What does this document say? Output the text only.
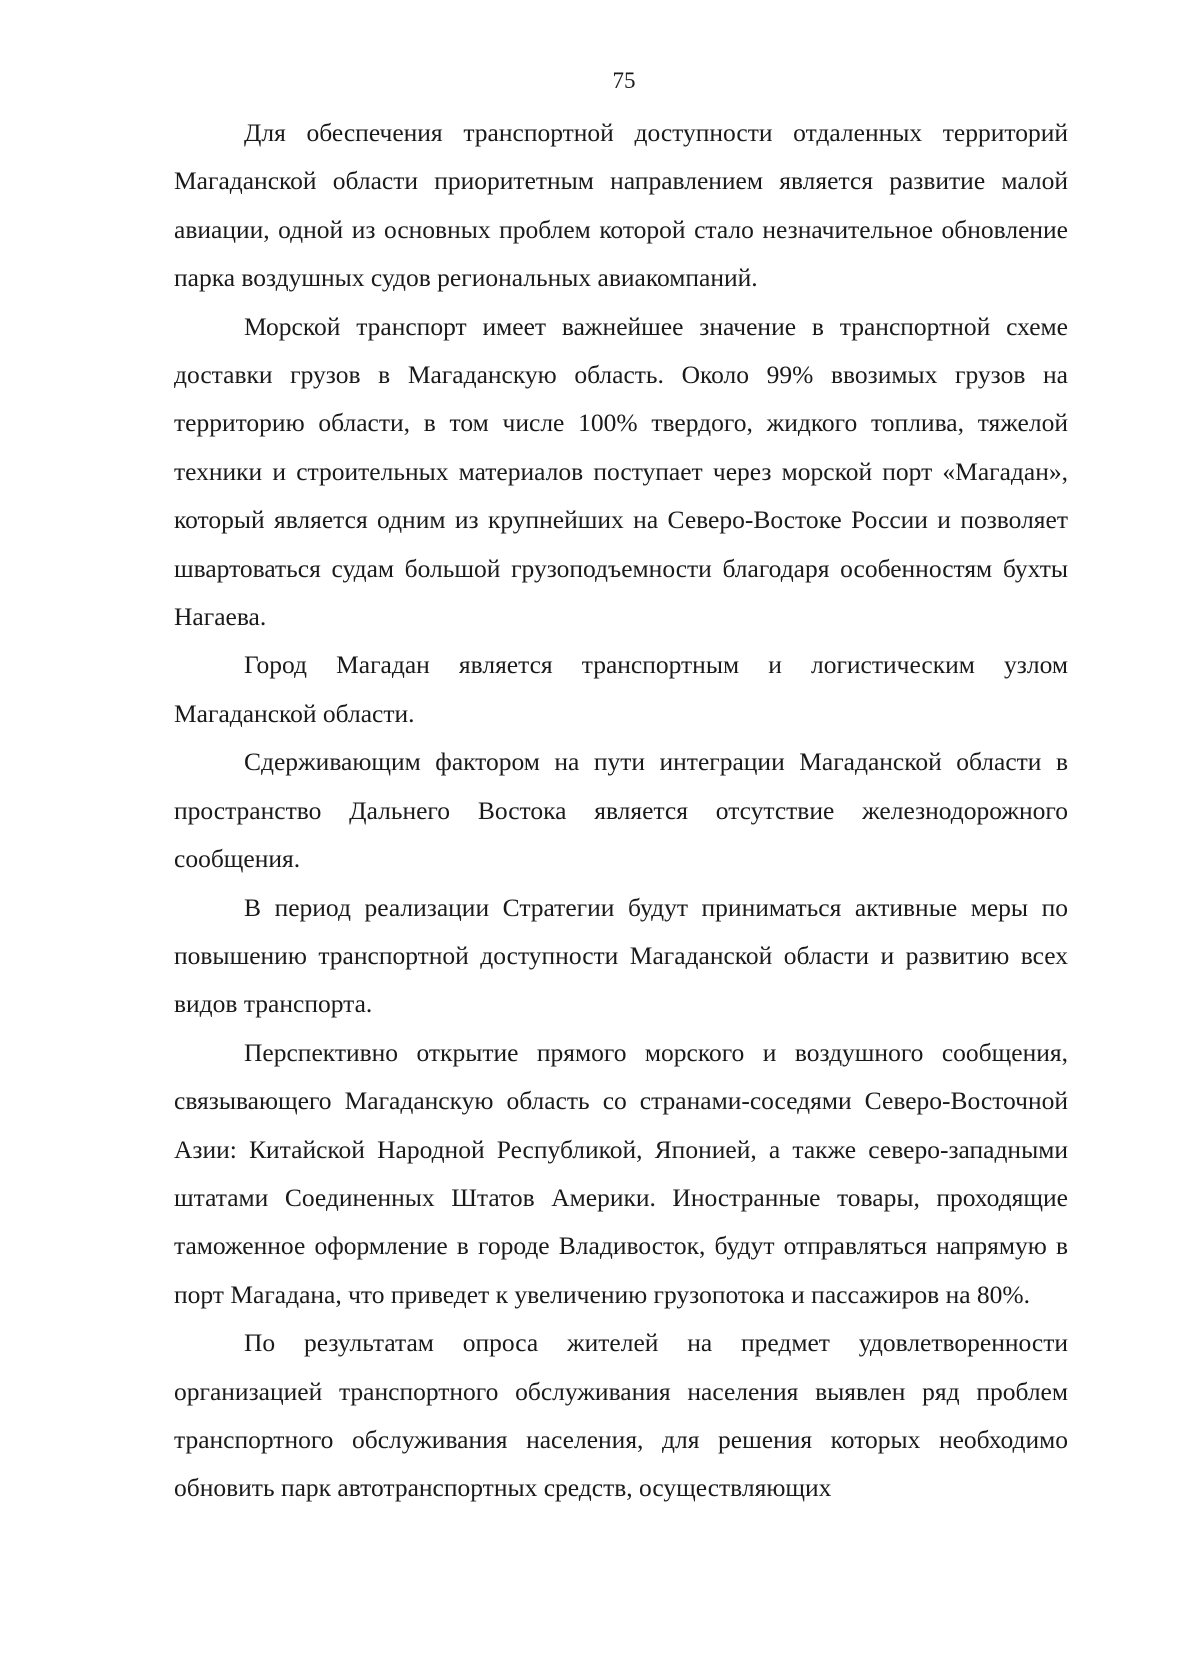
75

Для обеспечения транспортной доступности отдаленных территорий Магаданской области приоритетным направлением является развитие малой авиации, одной из основных проблем которой стало незначительное обновление парка воздушных судов региональных авиакомпаний.

Морской транспорт имеет важнейшее значение в транспортной схеме доставки грузов в Магаданскую область. Около 99% ввозимых грузов на территорию области, в том числе 100% твердого, жидкого топлива, тяжелой техники и строительных материалов поступает через морской порт «Магадан», который является одним из крупнейших на Северо-Востоке России и позволяет швартоваться судам большой грузоподъемности благодаря особенностям бухты Нагаева.

Город Магадан является транспортным и логистическим узлом Магаданской области.

Сдерживающим фактором на пути интеграции Магаданской области в пространство Дальнего Востока является отсутствие железнодорожного сообщения.

В период реализации Стратегии будут приниматься активные меры по повышению транспортной доступности Магаданской области и развитию всех видов транспорта.

Перспективно открытие прямого морского и воздушного сообщения, связывающего Магаданскую область со странами-соседями Северо-Восточной Азии: Китайской Народной Республикой, Японией, а также северо-западными штатами Соединенных Штатов Америки. Иностранные товары, проходящие таможенное оформление в городе Владивосток, будут отправляться напрямую в порт Магадана, что приведет к увеличению грузопотока и пассажиров на 80%.

По результатам опроса жителей на предмет удовлетворенности организацией транспортного обслуживания населения выявлен ряд проблем транспортного обслуживания населения, для решения которых необходимо обновить парк автотранспортных средств, осуществляющих
